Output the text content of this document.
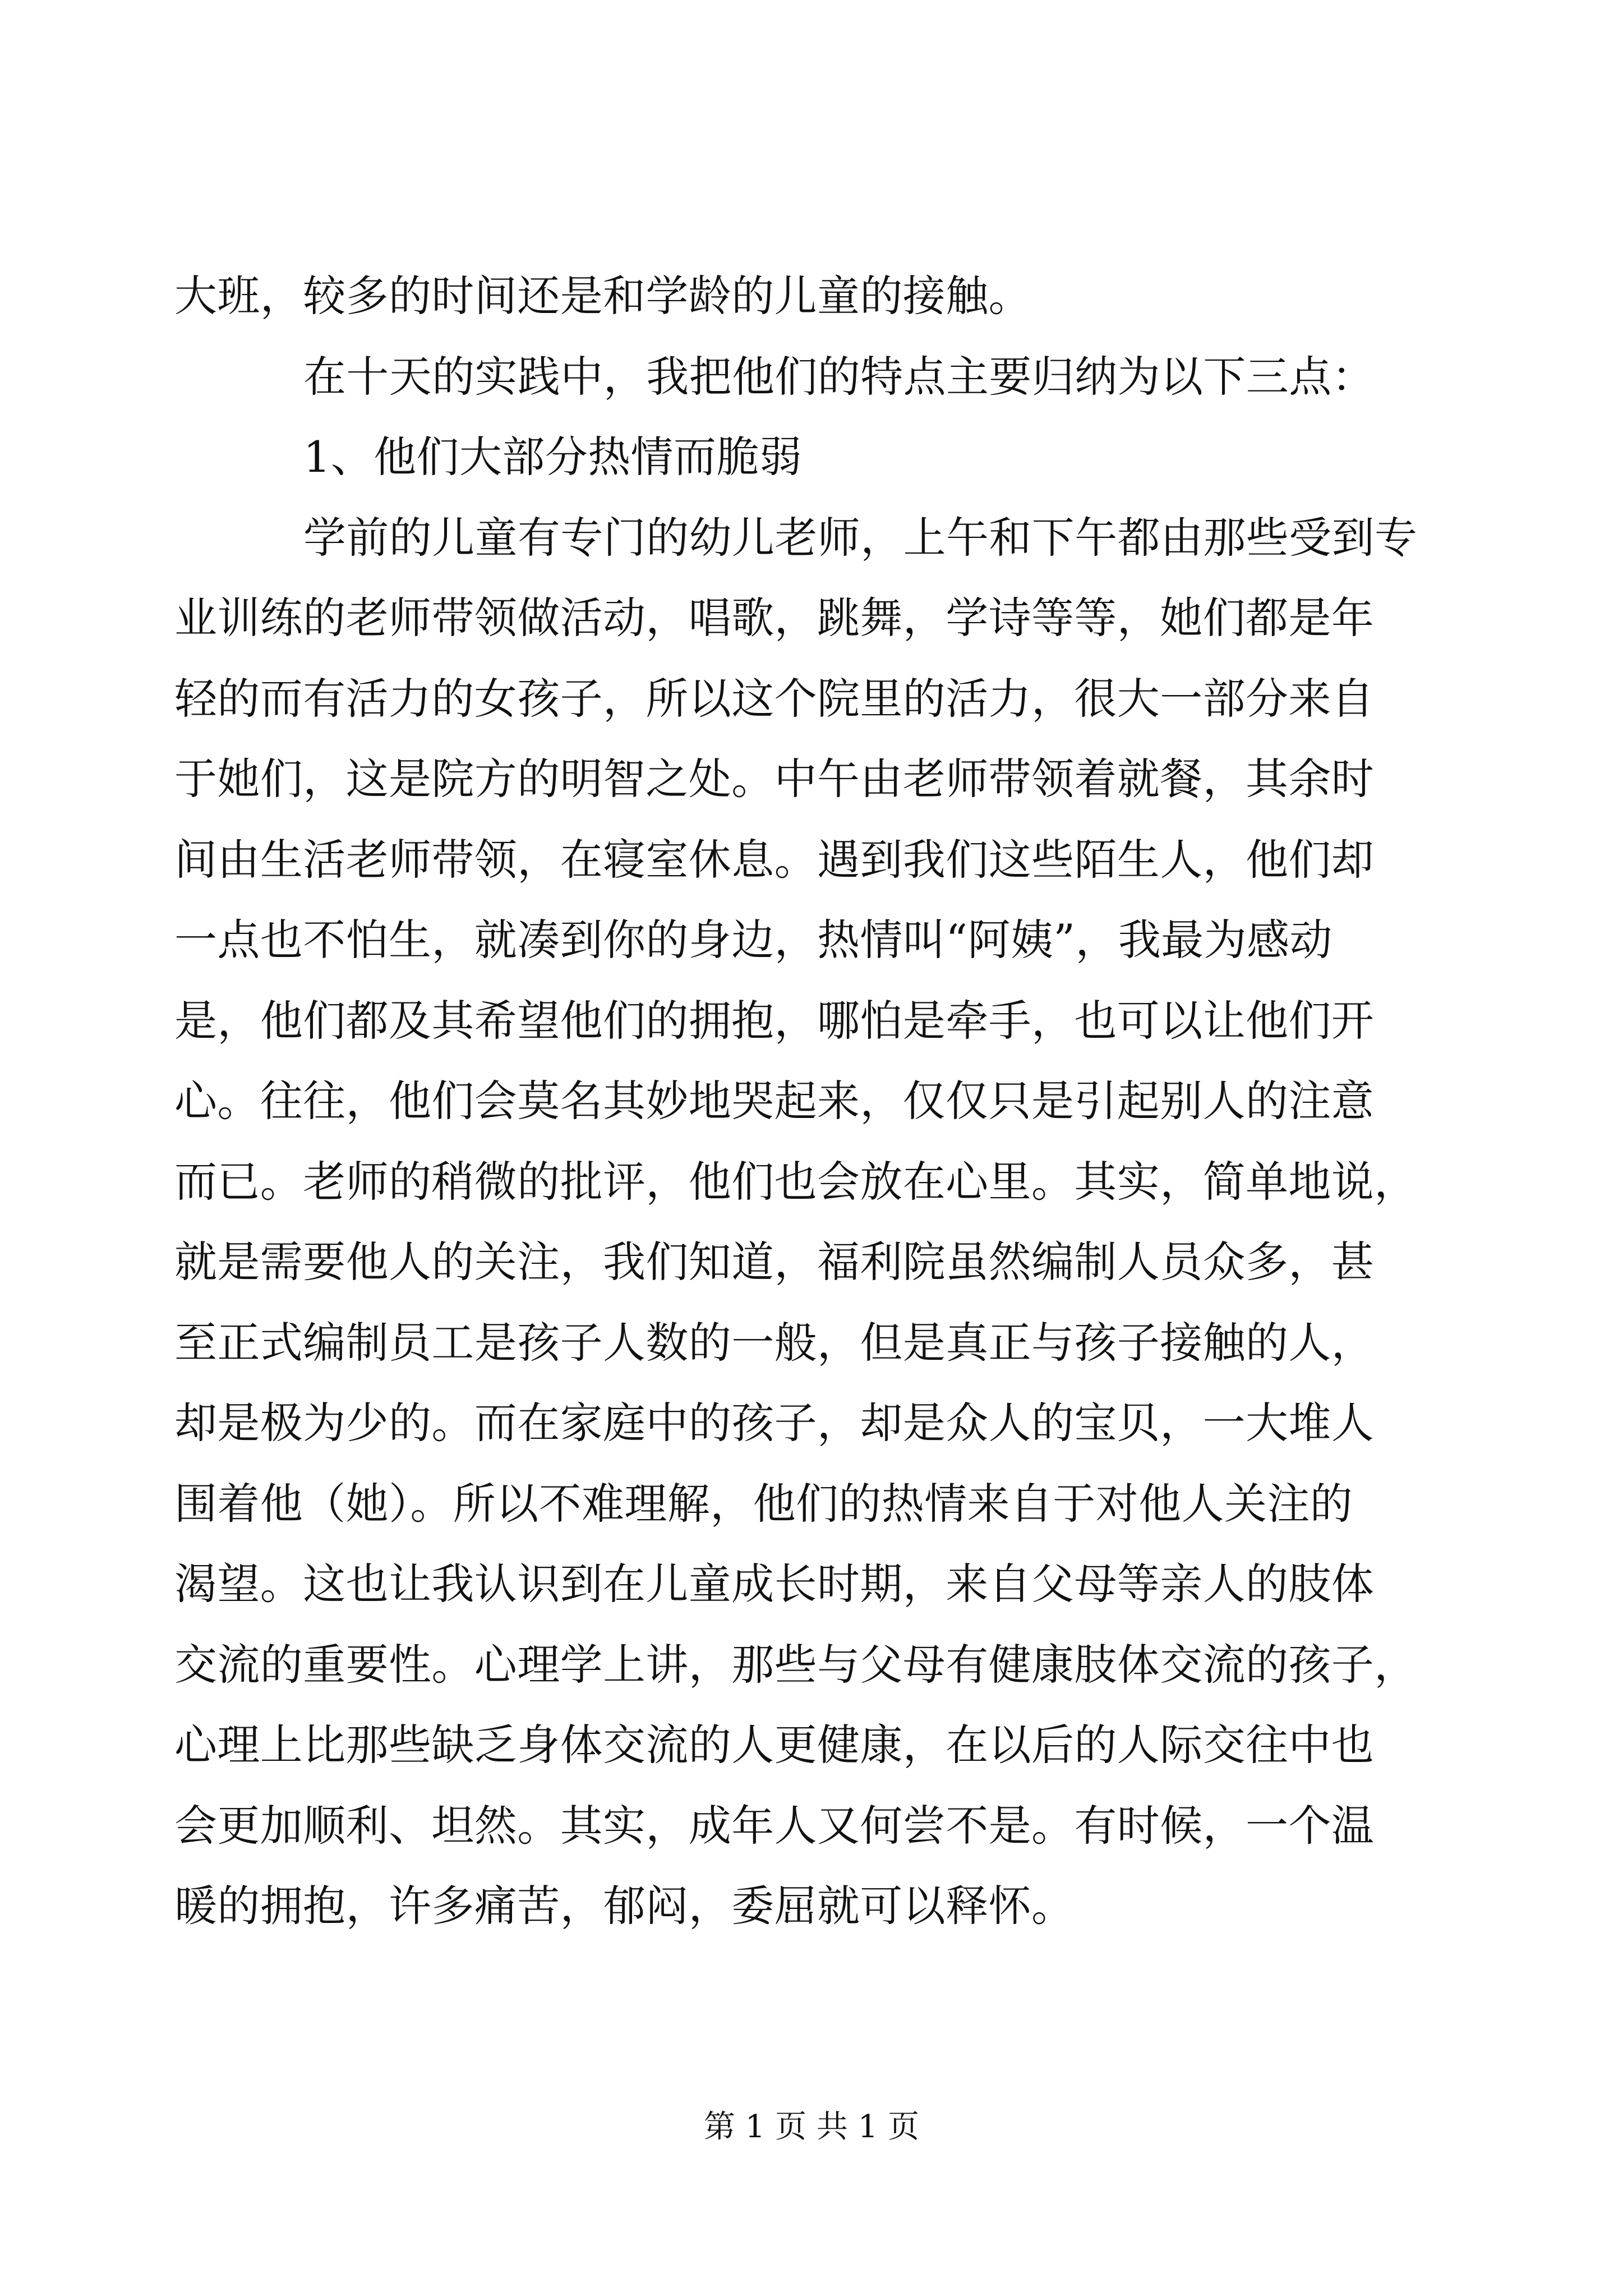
大班，较多的时间还是和学龄的儿童的接触。
在十天的实践中，我把他们的特点主要归纳为以下三点：
1、他们大部分热情而脆弱
学前的儿童有专门的幼儿老师，上午和下午都由那些受到专
业训练的老师带领做活动，唱歌，跳舞，学诗等等，她们都是年
轻的而有活力的女孩子，所以这个院里的活力，很大一部分来自
于她们，这是院方的明智之处。中午由老师带领着就餐，其余时
间由生活老师带领，在寝室休息。遇到我们这些陌生人，他们却
一点也不怕生，就凑到你的身边，热情叫“阿姨”，我最为感动
是，他们都及其希望他们的拥抱，哪怕是牵手，也可以让他们开
心。往往，他们会莫名其妙地哭起来，仅仅只是引起别人的注意
而已。老师的稍微的批评，他们也会放在心里。其实，简单地说，
就是需要他人的关注，我们知道，福利院虽然编制人员众多，甚
至正式编制员工是孩子人数的一般，但是真正与孩子接触的人，
却是极为少的。而在家庭中的孩子，却是众人的宝贝，一大堆人
围着他（她）。所以不难理解，他们的热情来自于对他人关注的
渴望。这也让我认识到在儿童成长时期，来自父母等亲人的肢体
交流的重要性。心理学上讲，那些与父母有健康肢体交流的孩子，
心理上比那些缺乏身体交流的人更健康，在以后的人际交往中也
会更加顺利、坦然。其实，成年人又何尝不是。有时候，一个温
暖的拥抱，许多痛苦，郁闷，委屈就可以释怀。
第 1 页 共 1 页
